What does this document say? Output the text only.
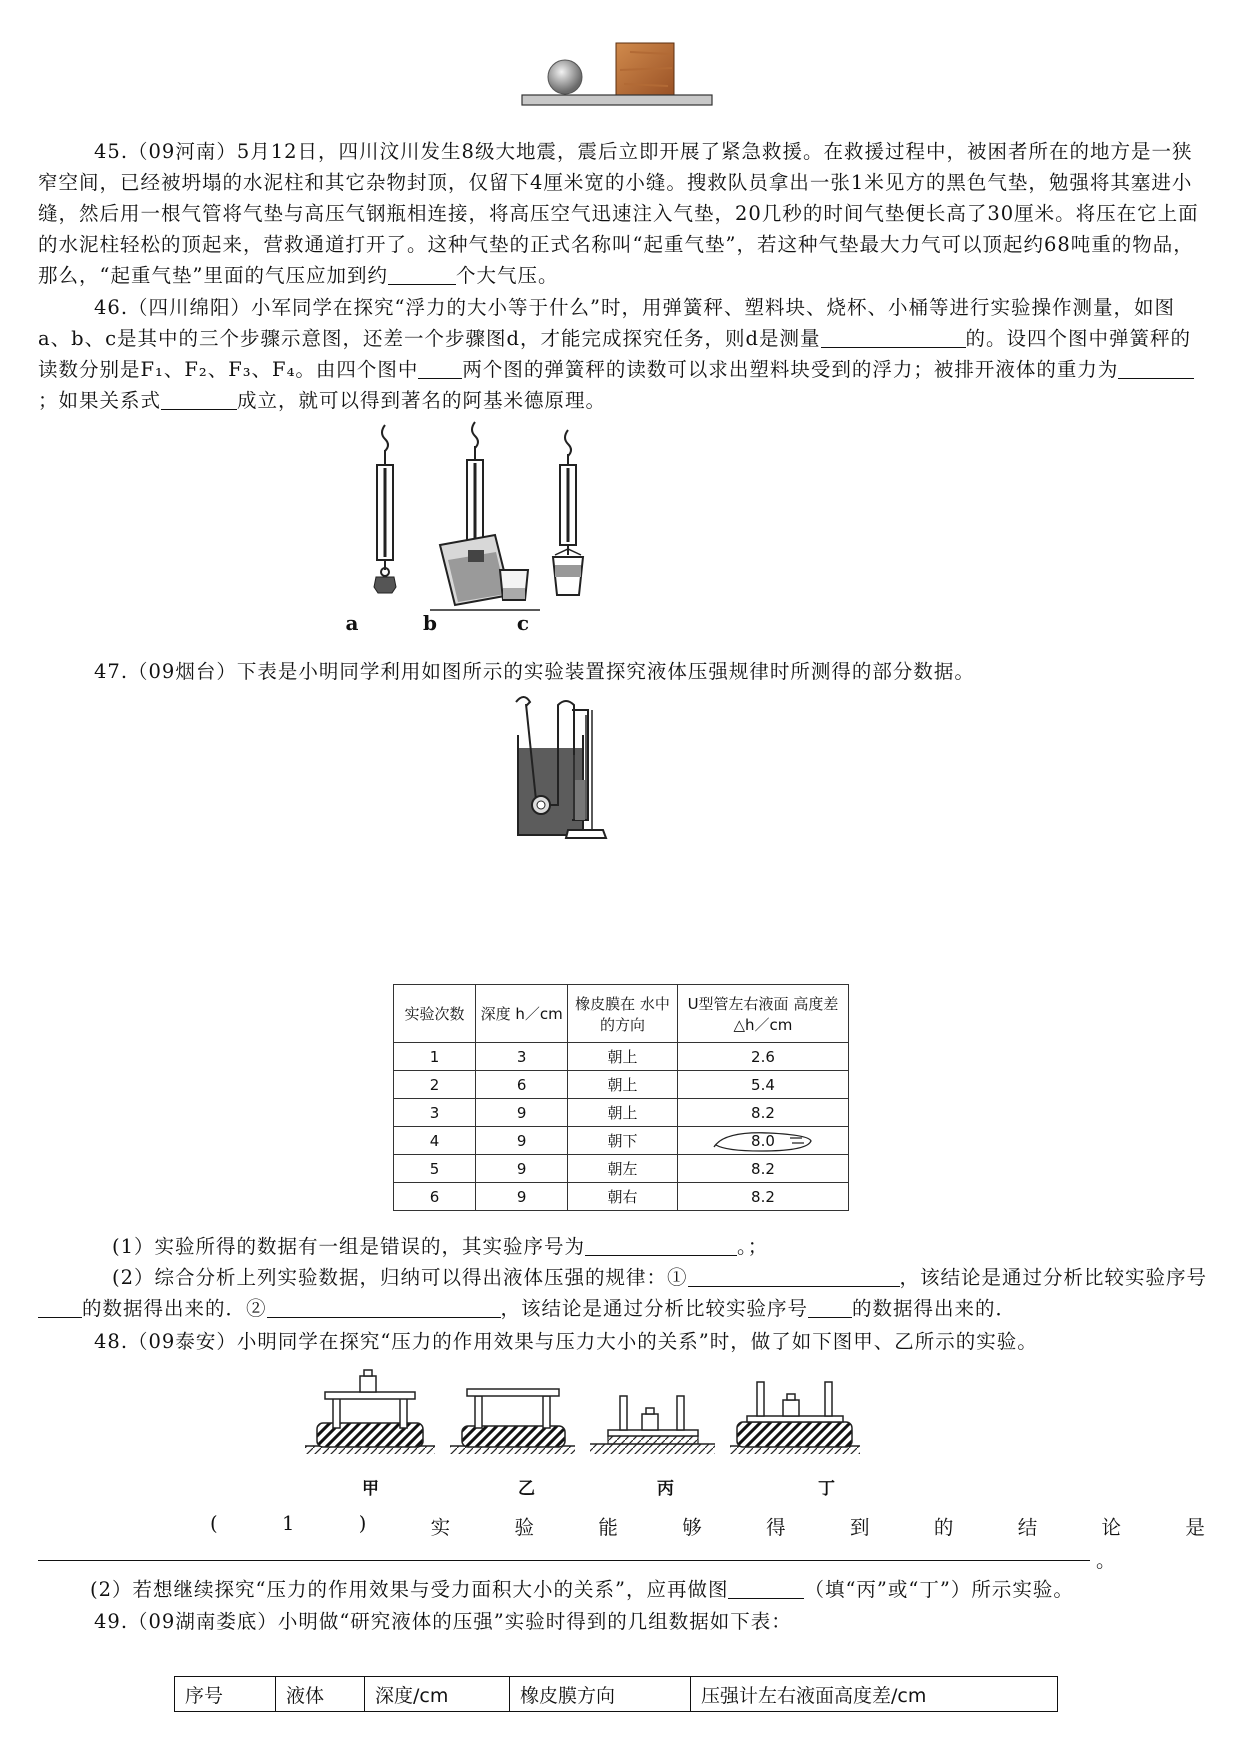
45.（09河南）5月12日，四川汶川发生8级大地震，震后立即开展了紧急救援。在救援过程中，被困者所在的地方是一狭窄空间，已经被坍塌的水泥柱和其它杂物封顶，仅留下4厘米宽的小缝。搜救队员拿出一张1米见方的黑色气垫，勉强将其塞进小缝，然后用一根气管将气垫与高压气钢瓶相连接，将高压空气迅速注入气垫，20几秒的时间气垫便长高了30厘米。将压在它上面的水泥柱轻松的顶起来，营救通道打开了。这种气垫的正式名称叫“起重气垫”，若这种气垫最大力气可以顶起约68吨重的物品，那么，“起重气垫”里面的气压应加到约	个大气压。
46.（四川绵阳）小军同学在探究“浮力的大小等于什么”时，用弹簧秤、塑料块、烧杯、小桶等进行实验操作测量，如图a、b、c是其中的三个步骤示意图，还差一个步骤图d，才能完成探究任务，则d是测量	的。设四个图中弹簧秤的读数分别是F₁、F₂、F₃、F₄。由四个图中 两个图的弹簧秤的读数可以求出塑料块受到的浮力；被排开液体的重力为；如果关系式	成立，就可以得到著名的阿基米德原理。
a	b	c
47.（09烟台）下表是小明同学利用如图所示的实验装置探究液体压强规律时所测得的部分数据。
实验次数	深度 h／cm	橡皮膜在 水中的方向	U型管左右液面 高度差△h／cm
1	3	朝上	2.6
2	6	朝上	5.4
3	9	朝上	8.2
4	9	朝下	8.0

5	9	朝左	8.2
6	9	朝右	8.2
(1）实验所得的数据有一组是错误的，其实验序号为	。；
(2）综合分析上列实验数据，归纳可以得出液体压强的规律：①	，该结论是通过分析比较实验序号的数据得出来的．②	，该结论是通过分析比较实验序号 的数据得出来的．
48.（09泰安）小明同学在探究“压力的作用效果与压力大小的关系”时，做了如下图甲、乙所示的实验。
甲	乙	丙	丁
(	1	)	实	验	能	够	得	到	的	结	论	是
。
(2）若想继续探究“压力的作用效果与受力面积大小的关系”，应再做图	（填“丙”或“丁”）所示实验。
49.（09湖南娄底）小明做“研究液体的压强”实验时得到的几组数据如下表：
序号	液体	深度/cm	橡皮膜方向	压强计左右液面高度差/cm
